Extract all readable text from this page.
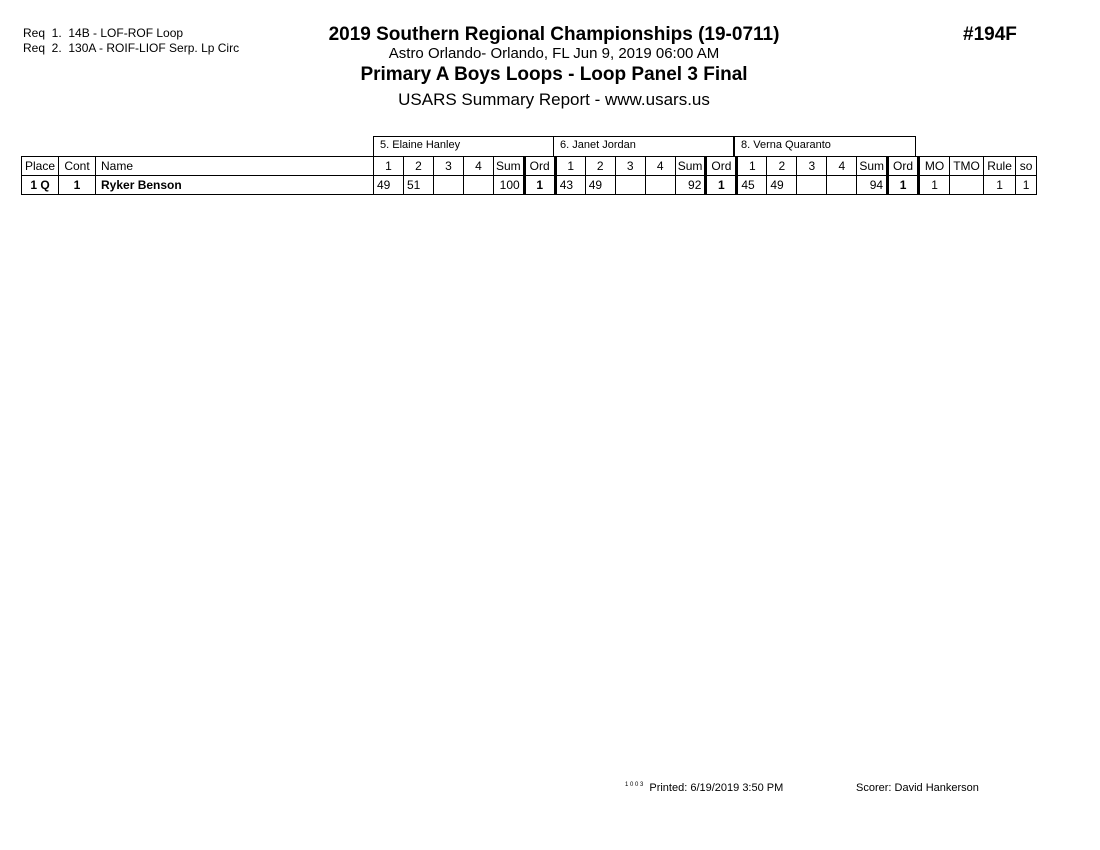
Req  1.  14B - LOF-ROF Loop
Req  2.  130A - ROIF-LIOF Serp. Lp Circ
2019 Southern Regional Championships (19-0711)
Astro Orlando- Orlando, FL Jun 9, 2019 06:00 AM
Primary A Boys Loops - Loop Panel 3 Final
USARS Summary Report - www.usars.us
#194F
5. Elaine Hanley	6. Janet Jordan	8. Verna Quaranto
Place	Cont	Name	1	2	3	4	Sum	Ord	1	2	3	4	Sum	Ord	1	2	3	4	Sum	Ord	MO	TMO	Rule	so
1 Q	1	Ryker Benson	49	51			100	1	43	49			92	1	45	49			94	1	1		1	1
$^{1 0 0 3}$ Printed: 6/19/2019 3:50 PM	Scorer: David Hankerson
